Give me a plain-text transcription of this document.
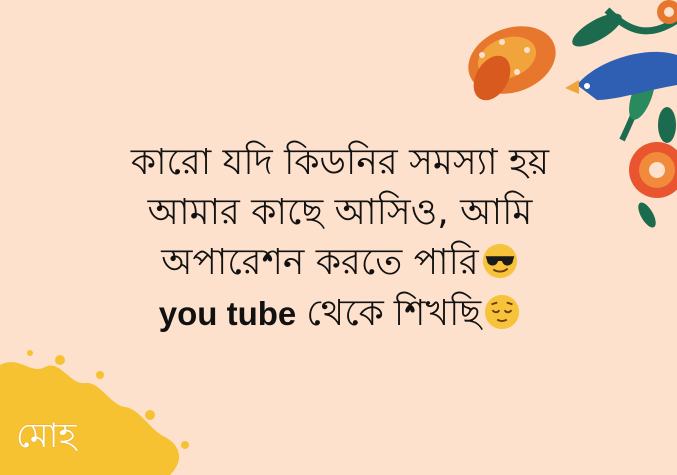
কারো যদি কিডনির সমস্যা হয়
আমার কাছে আসিও, আমি
অপারেশন করতে পারি
you tube থেকে শিখছি
মোহ
